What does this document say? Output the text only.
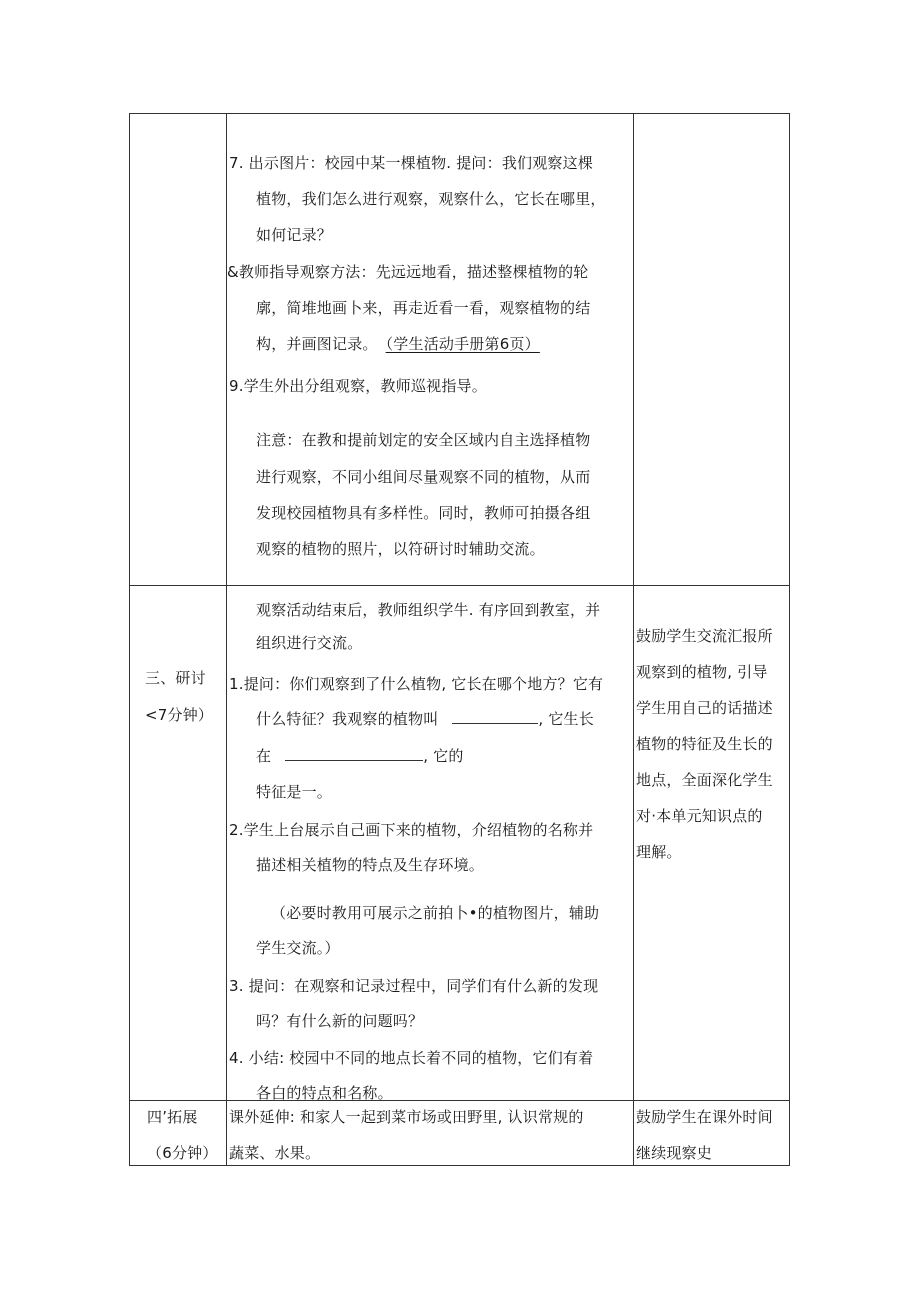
7. 出示图片：校园中某一棵植物. 提问：我们观察这棵
植物，我们怎么进行观察，观察什么，它长在哪里，
如何记录？
&教师指导观察方法：先远远地看，描述整棵植物的轮
廓，简堆地画卜来，再走近看一看，观察植物的结
构，并画图记录。 （学生活动手册第6页）
9.学生外出分组观察，教师巡视指导。
注意：在教和提前划定的安全区域内自主选择植物
进行观察，不同小组间尽量观察不同的植物，从而
发现校园植物具有多样性。同时，教师可拍摄各组
观察的植物的照片，以符研讨时辅助交流。
三、研讨
<7分钟）
观察活动结束后，教师组织学牛. 有序回到教室，并
组织进行交流。
1.提问：你们观察到了什么植物, 它长在哪个地方？它有
什么特征？我观察的植物叫	, 它生长
在	, 它的
特征是一。
2.学生上台展示自己画下来的植物，介绍植物的名称并
描述相关植物的特点及生存环境。
（必要时教用可展示之前拍卜•的植物图片，辅助
学生交流。）
3. 提问：在观察和记录过程中，同学们有什么新的发现
吗？有什么新的问题吗？
4. 小结: 校园中不同的地点长着不同的植物，它们有着
各白的特点和名称。
鼓励学生交流汇报所
观察到的植物, 引导
学生用自己的话描述
植物的特征及生长的
地点，全面深化学生
对·本单元知识点的
理解。
四’拓展
（6分钟）
课外延伸: 和家人一起到菜市场或田野里, 认识常规的
蔬菜、水果。
鼓励学生在课外时间
继续现察史
